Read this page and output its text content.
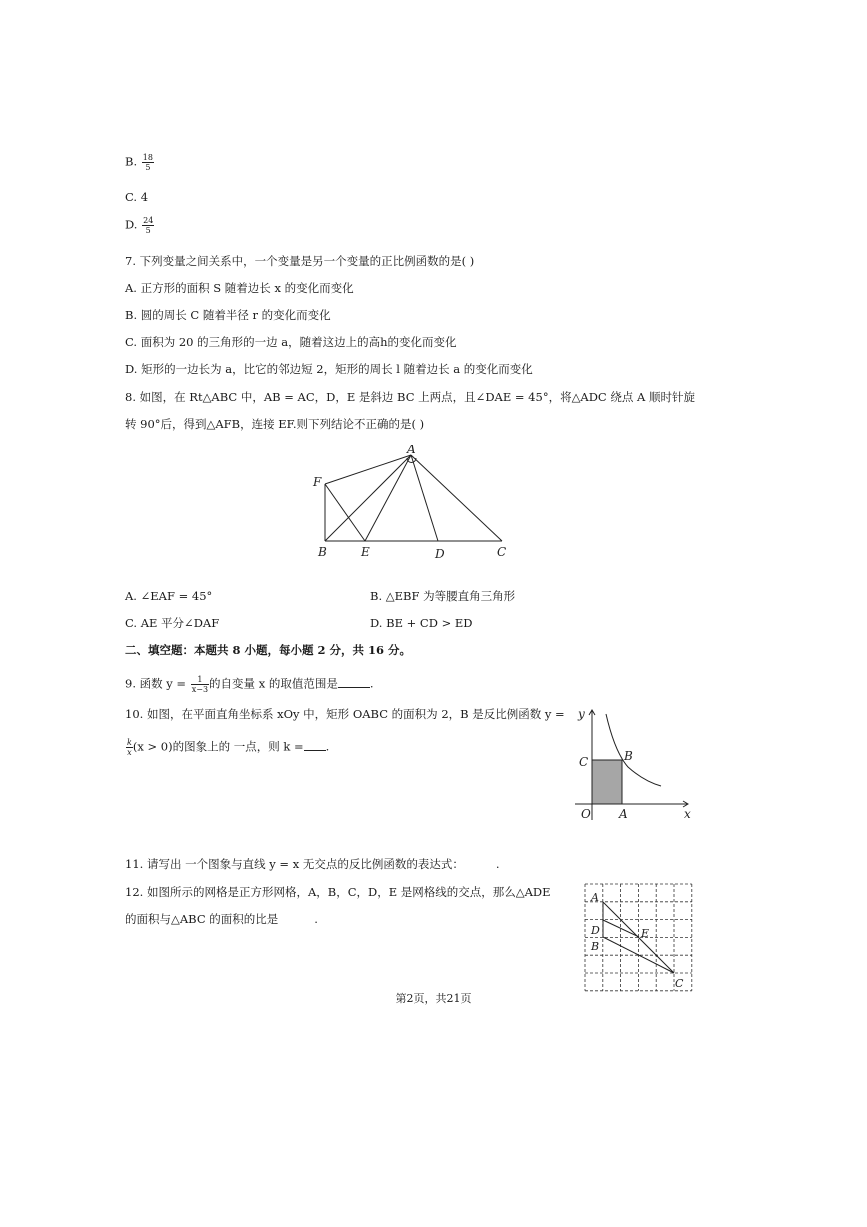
B. $\frac{18}{5}$
C. 4
D. $\frac{24}{5}$
7. 下列变量之间关系中，一个变量是另一个变量的正比例函数的是( )
A. 正方形的面积 S 随着边长 x 的变化而变化
B. 圆的周长 C 随着半径 r 的变化而变化
C. 面积为 20 的三角形的一边 a，随着这边上的高h的变化而变化
D. 矩形的一边长为 a，比它的邻边短 2，矩形的周长 l 随着边长 a 的变化而变化
8. 如图，在 Rt△ABC 中，AB = AC，D，E 是斜边 BC 上两点，且∠DAE = 45°，将△ADC 绕点 A 顺时针旋
转 90°后，得到△AFB，连接 EF.则下列结论不正确的是( )
A
F
B	E	D	C
A. ∠EAF = 45°	B. △EBF 为等腰直角三角形
C. AE 平分∠DAF	D. BE + CD > ED
二、填空题：本题共 8 小题，每小题 2 分，共 16 分。
9. 函数 $y = \frac{1}{x-3}$ 的自变量 x 的取值范围是	.
10. 如图，在平面直角坐标系 xOy 中，矩形 OABC 的面积为 2，B 是反比例函数 y =
$\frac{k}{x} (x > 0)$的图象上的 一点，则 k = .
y
x
O A
B
C
11. 请写出 一个图象与直线 y = x 无交点的反比例函数的表达式：	.
12. 如图所示的网格是正方形网格，A，B，C，D，E 是网格线的交点，那么△ADE
的面积与△ABC 的面积的比是	.
A
D	E
B
C
第2页，共21页
